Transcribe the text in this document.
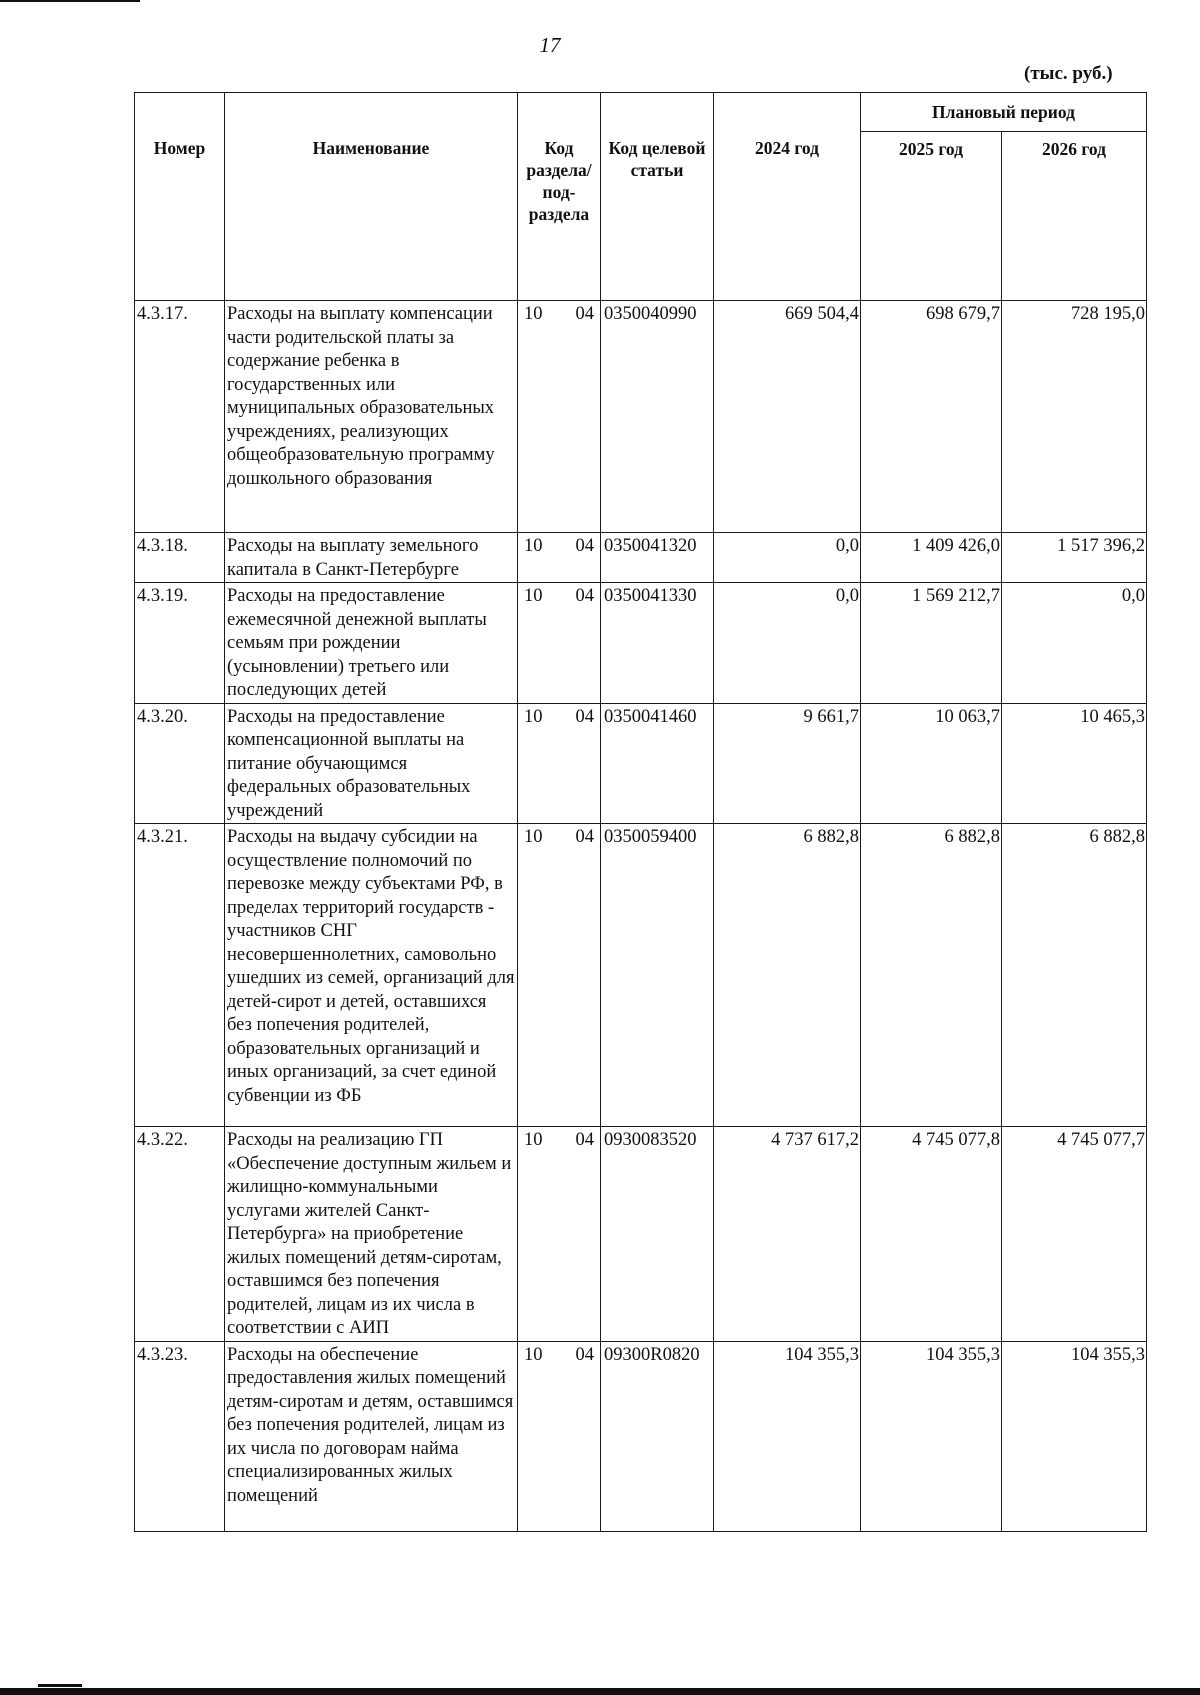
17
(тыс. руб.)
Номер	Наименование	Код раздела/ под- раздела	Код целевой статьи	2024 год	Плановый период	
					2025 год	2026 год
4.3.17.	Расходы на выплату компенсации части родительской платы за содержание ребенка в государственных или муниципальных образовательных учреждениях, реализующих общеобразовательную программу дошкольного образования	10 04	0350040990	669 504,4	698 679,7	728 195,0
4.3.18.	Расходы на выплату земельного капитала в Санкт-Петербурге	10 04	0350041320	0,0	1 409 426,0	1 517 396,2
4.3.19.	Расходы на предоставление ежемесячной денежной выплаты семьям при рождении (усыновлении) третьего или последующих детей	10 04	0350041330	0,0	1 569 212,7	0,0
4.3.20.	Расходы на предоставление компенсационной выплаты на питание обучающимся федеральных образовательных учреждений	10 04	0350041460	9 661,7	10 063,7	10 465,3
4.3.21.	Расходы на выдачу субсидии на осуществление полномочий по перевозке между субъектами РФ, в пределах территорий государств - участников СНГ несовершеннолетних, самовольно ушедших из семей, организаций для детей-сирот и детей, оставшихся без попечения родителей, образовательных организаций и иных организаций, за счет единой субвенции из ФБ	10 04	0350059400	6 882,8	6 882,8	6 882,8
4.3.22.	Расходы на реализацию ГП «Обеспечение доступным жильем и жилищно-коммунальными услугами жителей Санкт-Петербурга» на приобретение жилых помещений детям-сиротам, оставшимся без попечения родителей, лицам из их числа в соответствии с АИП	10 04	0930083520	4 737 617,2	4 745 077,8	4 745 077,7
4.3.23.	Расходы на обеспечение предоставления жилых помещений детям-сиротам и детям, оставшимся без попечения родителей, лицам из их числа по договорам найма специализированных жилых помещений	10 04	09300R0820	104 355,3	104 355,3	104 355,3
